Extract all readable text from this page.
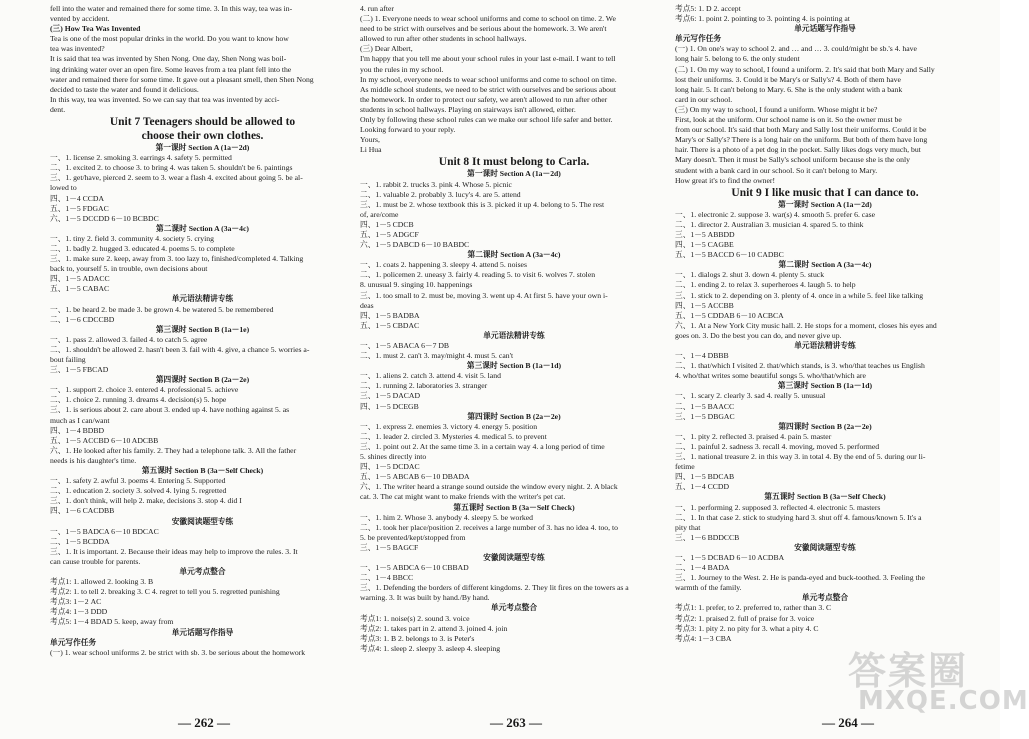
fell into the water and remained there for some time. 3. In this way, tea was in-
vented by accident.
(三) How Tea Was Invented
Tea is one of the most popular drinks in the world. Do you want to know how
tea was invented?
It is said that tea was invented by Shen Nong. One day, Shen Nong was boil-
ing drinking water over an open fire. Some leaves from a tea plant fell into the
water and remained there for some time. It gave out a pleasant smell, then Shen Nong
decided to taste the water and found it delicious.
In this way, tea was invented. So we can say that tea was invented by acci-
dent.
Unit 7 Teenagers should be allowed to
choose their own clothes.
第一课时 Section A (1a－2d)
一、1. license 2. smoking 3. earrings 4. safety 5. permitted
二、1. excited 2. to choose 3. to bring 4. was taken 5. shouldn't be 6. paintings
三、1. get/have, pierced 2. seem to 3. wear a flash 4. excited about going 5. be al-
lowed to
四、1－4 CCDA
五、1－5 FDGAC
六、1－5 DCCDD 6－10 BCBDC
第二课时 Section A (3a－4c)
一、1. tiny 2. field 3. community 4. society 5. crying
二、1. badly 2. hugged 3. educated 4. poems 5. to complete
三、1. make sure 2. keep, away from 3. too lazy to, finished/completed 4. Talking
back to, yourself 5. in trouble, own decisions about
四、1－5 ADACC
五、1－5 CABAC
单元语法精讲专练
一、1. be heard 2. be made 3. be grown 4. be watered 5. be remembered
二、1－6 CDCCBD
第三课时 Section B (1a－1e)
一、1. pass 2. allowed 3. failed 4. to catch 5. agree
二、1. shouldn't be allowed 2. hasn't been 3. fail with 4. give, a chance 5. worries a-
bout failing
三、1－5 FBCAD
第四课时 Section B (2a－2e)
一、1. support 2. choice 3. entered 4. professional 5. achieve
二、1. choice 2. running 3. dreams 4. decision(s) 5. hope
三、1. is serious about 2. care about 3. ended up 4. have nothing against 5. as
much as I can/want
四、1－4 BDBD
五、1－5 ACCBD 6－10 ADCBB
六、1. He looked after his family. 2. They had a telephone talk. 3. All the father
needs is his daughter's time.
第五课时 Section B (3a－Self Check)
一、1. safety 2. awful 3. poems 4. Entering 5. Supported
二、1. education 2. society 3. solved 4. lying 5. regretted
三、1. don't think, will help 2. make, decisions 3. stop 4. did I
四、1－6 CACDBB
安徽阅读题型专练
一、1－5 BADCA 6－10 BDCAC
二、1－5 BCDDA
三、1. It is important. 2. Because their ideas may help to improve the rules. 3. It
can cause trouble for parents.
单元考点整合
考点1: 1. allowed 2. looking 3. B
考点2: 1. to tell 2. breaking 3. C 4. regret to tell you 5. regretted punishing
考点3: 1－2 AC
考点4: 1－3 DDD
考点5: 1－4 BDAD 5. keep, away from
单元话题写作指导
单元写作任务
(一) 1. wear school uniforms 2. be strict with sb. 3. be serious about the homework
4. run after
(二) 1. Everyone needs to wear school uniforms and come to school on time. 2. We
need to be strict with ourselves and be serious about the homework. 3. We aren't
allowed to run after other students in school hallways.
(三) Dear Albert,
I'm happy that you tell me about your school rules in your last e-mail. I want to tell
you the rules in my school.
In my school, everyone needs to wear school uniforms and come to school on time.
As middle school students, we need to be strict with ourselves and be serious about
the homework. In order to protect our safety, we aren't allowed to run after other
students in school hallways. Playing on stairways isn't allowed, either.
Only by following these school rules can we make our school life safer and better.
Looking forward to your reply.
Yours,
Li Hua
Unit 8 It must belong to Carla.
第一课时 Section A (1a－2d)
一、1. rabbit 2. trucks 3. pink 4. Whose 5. picnic
二、1. valuable 2. probably 3. lucy's 4. are 5. attend
三、1. must be 2. whose textbook this is 3. picked it up 4. belong to 5. The rest
of, are/come
四、1－5 CDCB
五、1－5 ADGCF
六、1－5 DABCD 6－10 BABDC
第二课时 Section A (3a－4c)
一、1. coats 2. happening 3. sleepy 4. attend 5. noises
二、1. policemen 2. uneasy 3. fairly 4. reading 5. to visit 6. wolves 7. stolen
8. unusual 9. singing 10. happenings
三、1. too small to 2. must be, moving 3. went up 4. At first 5. have your own i-
deas
四、1－5 BADBA
五、1－5 CBDAC
单元语法精讲专练
一、1－5 ABACA 6－7 DB
二、1. must 2. can't 3. may/might 4. must 5. can't
第三课时 Section B (1a－1d)
一、1. aliens 2. catch 3. attend 4. visit 5. land
二、1. running 2. laboratories 3. stranger
三、1－5 DACAD
四、1－5 DCEGB
第四课时 Section B (2a－2e)
一、1. express 2. enemies 3. victory 4. energy 5. position
二、1. leader 2. circled 3. Mysteries 4. medical 5. to prevent
三、1. point out 2. At the same time 3. in a certain way 4. a long period of time
5. shines directly into
四、1－5 DCDAC
五、1－5 ABCAB 6－10 DBADA
六、1. The writer heard a strange sound outside the window every night. 2. A black
cat. 3. The cat might want to make friends with the writer's pet cat.
第五课时 Section B (3a－Self Check)
一、1. him 2. Whose 3. anybody 4. sleepy 5. be worked
二、1. took her place/position 2. receives a large number of 3. has no idea 4. too, to
5. be prevented/kept/stopped from
三、1－5 BAGCF
安徽阅读题型专练
一、1－5 ABDCA 6－10 CBBAD
二、1－4 BBCC
三、1. Defending the borders of different kingdoms. 2. They lit fires on the towers as a
warning. 3. It was built by hand./By hand.
单元考点整合
考点1: 1. noise(s) 2. sound 3. voice
考点2: 1. takes part in 2. attend 3. joined 4. join
考点3: 1. B 2. belongs to 3. is Peter's
考点4: 1. sleep 2. sleepy 3. asleep 4. sleeping
考点5: 1. D 2. accept
考点6: 1. point 2. pointing to 3. pointing 4. is pointing at
单元话题写作指导
单元写作任务
(一) 1. On one's way to school 2. and … and … 3. could/might be sb.'s 4. have
long hair 5. belong to 6. the only student
(二) 1. On my way to school, I found a uniform. 2. It's said that both Mary and Sally
lost their uniforms. 3. Could it be Mary's or Sally's? 4. Both of them have
long hair. 5. It can't belong to Mary. 6. She is the only student with a bank
card in our school.
(三) On my way to school, I found a uniform. Whose might it be?
First, look at the uniform. Our school name is on it. So the owner must be
from our school. It's said that both Mary and Sally lost their uniforms. Could it be
Mary's or Sally's? There is a long hair on the uniform. But both of them have long
hair. There is a photo of a pet dog in the pocket. Sally likes dogs very much, but
Mary doesn't. Then it must be Sally's school uniform because she is the only
student with a bank card in our school. So it can't belong to Mary.
How great it's to find the owner!
Unit 9 I like music that I can dance to.
第一课时 Section A (1a－2d)
一、1. electronic 2. suppose 3. war(s) 4. smooth 5. prefer 6. case
二、1. director 2. Australian 3. musician 4. spared 5. to think
三、1－5 ABBDD
四、1－5 CAGBE
五、1－5 BACCD 6－10 CADBC
第二课时 Section A (3a－4c)
一、1. dialogs 2. shut 3. down 4. plenty 5. stuck
二、1. ending 2. to relax 3. superheroes 4. laugh 5. to help
三、1. stick to 2. depending on 3. plenty of 4. once in a while 5. feel like talking
四、1－5 ACCBB
五、1－5 CDDAB 6－10 ACBCA
六、1. At a New York City music hall. 2. He stops for a moment, closes his eyes and
goes on. 3. Do the best you can do, and never give up.
单元语法精讲专练
一、1－4 DBBB
二、1. that/which I visited 2. that/which stands, is 3. who/that teaches us English
4. who/that writes some beautiful songs 5. who/that/which are
第三课时 Section B (1a－1d)
一、1. scary 2. clearly 3. sad 4. really 5. unusual
二、1－5 BAACC
三、1－5 DBGAC
第四课时 Section B (2a－2e)
一、1. pity 2. reflected 3. praised 4. pain 5. master
二、1. painful 2. sadness 3. recall 4. moving, moved 5. performed
三、1. national treasure 2. in this way 3. in total 4. By the end of 5. during our li-
fetime
四、1－5 BDCAB
五、1－4 CCDD
第五课时 Section B (3a－Self Check)
一、1. performing 2. supposed 3. reflected 4. electronic 5. masters
二、1. In that case 2. stick to studying hard 3. shut off 4. famous/known 5. It's a
pity that
三、1－6 BDDCCB
安徽阅读题型专练
一、1－5 DCBAD 6－10 ACDBA
二、1－4 BADA
三、1. Journey to the West. 2. He is panda-eyed and buck-toothed. 3. Feeling the
warmth of the family.
单元考点整合
考点1: 1. prefer, to 2. preferred to, rather than 3. C
考点2: 1. praised 2. full of praise for 3. voice
考点3: 1. pity 2. no pity for 3. what a pity 4. C
考点4: 1－3 CBA
— 262 —	— 263 —	— 264 —
答案圈
MXQE.COM
